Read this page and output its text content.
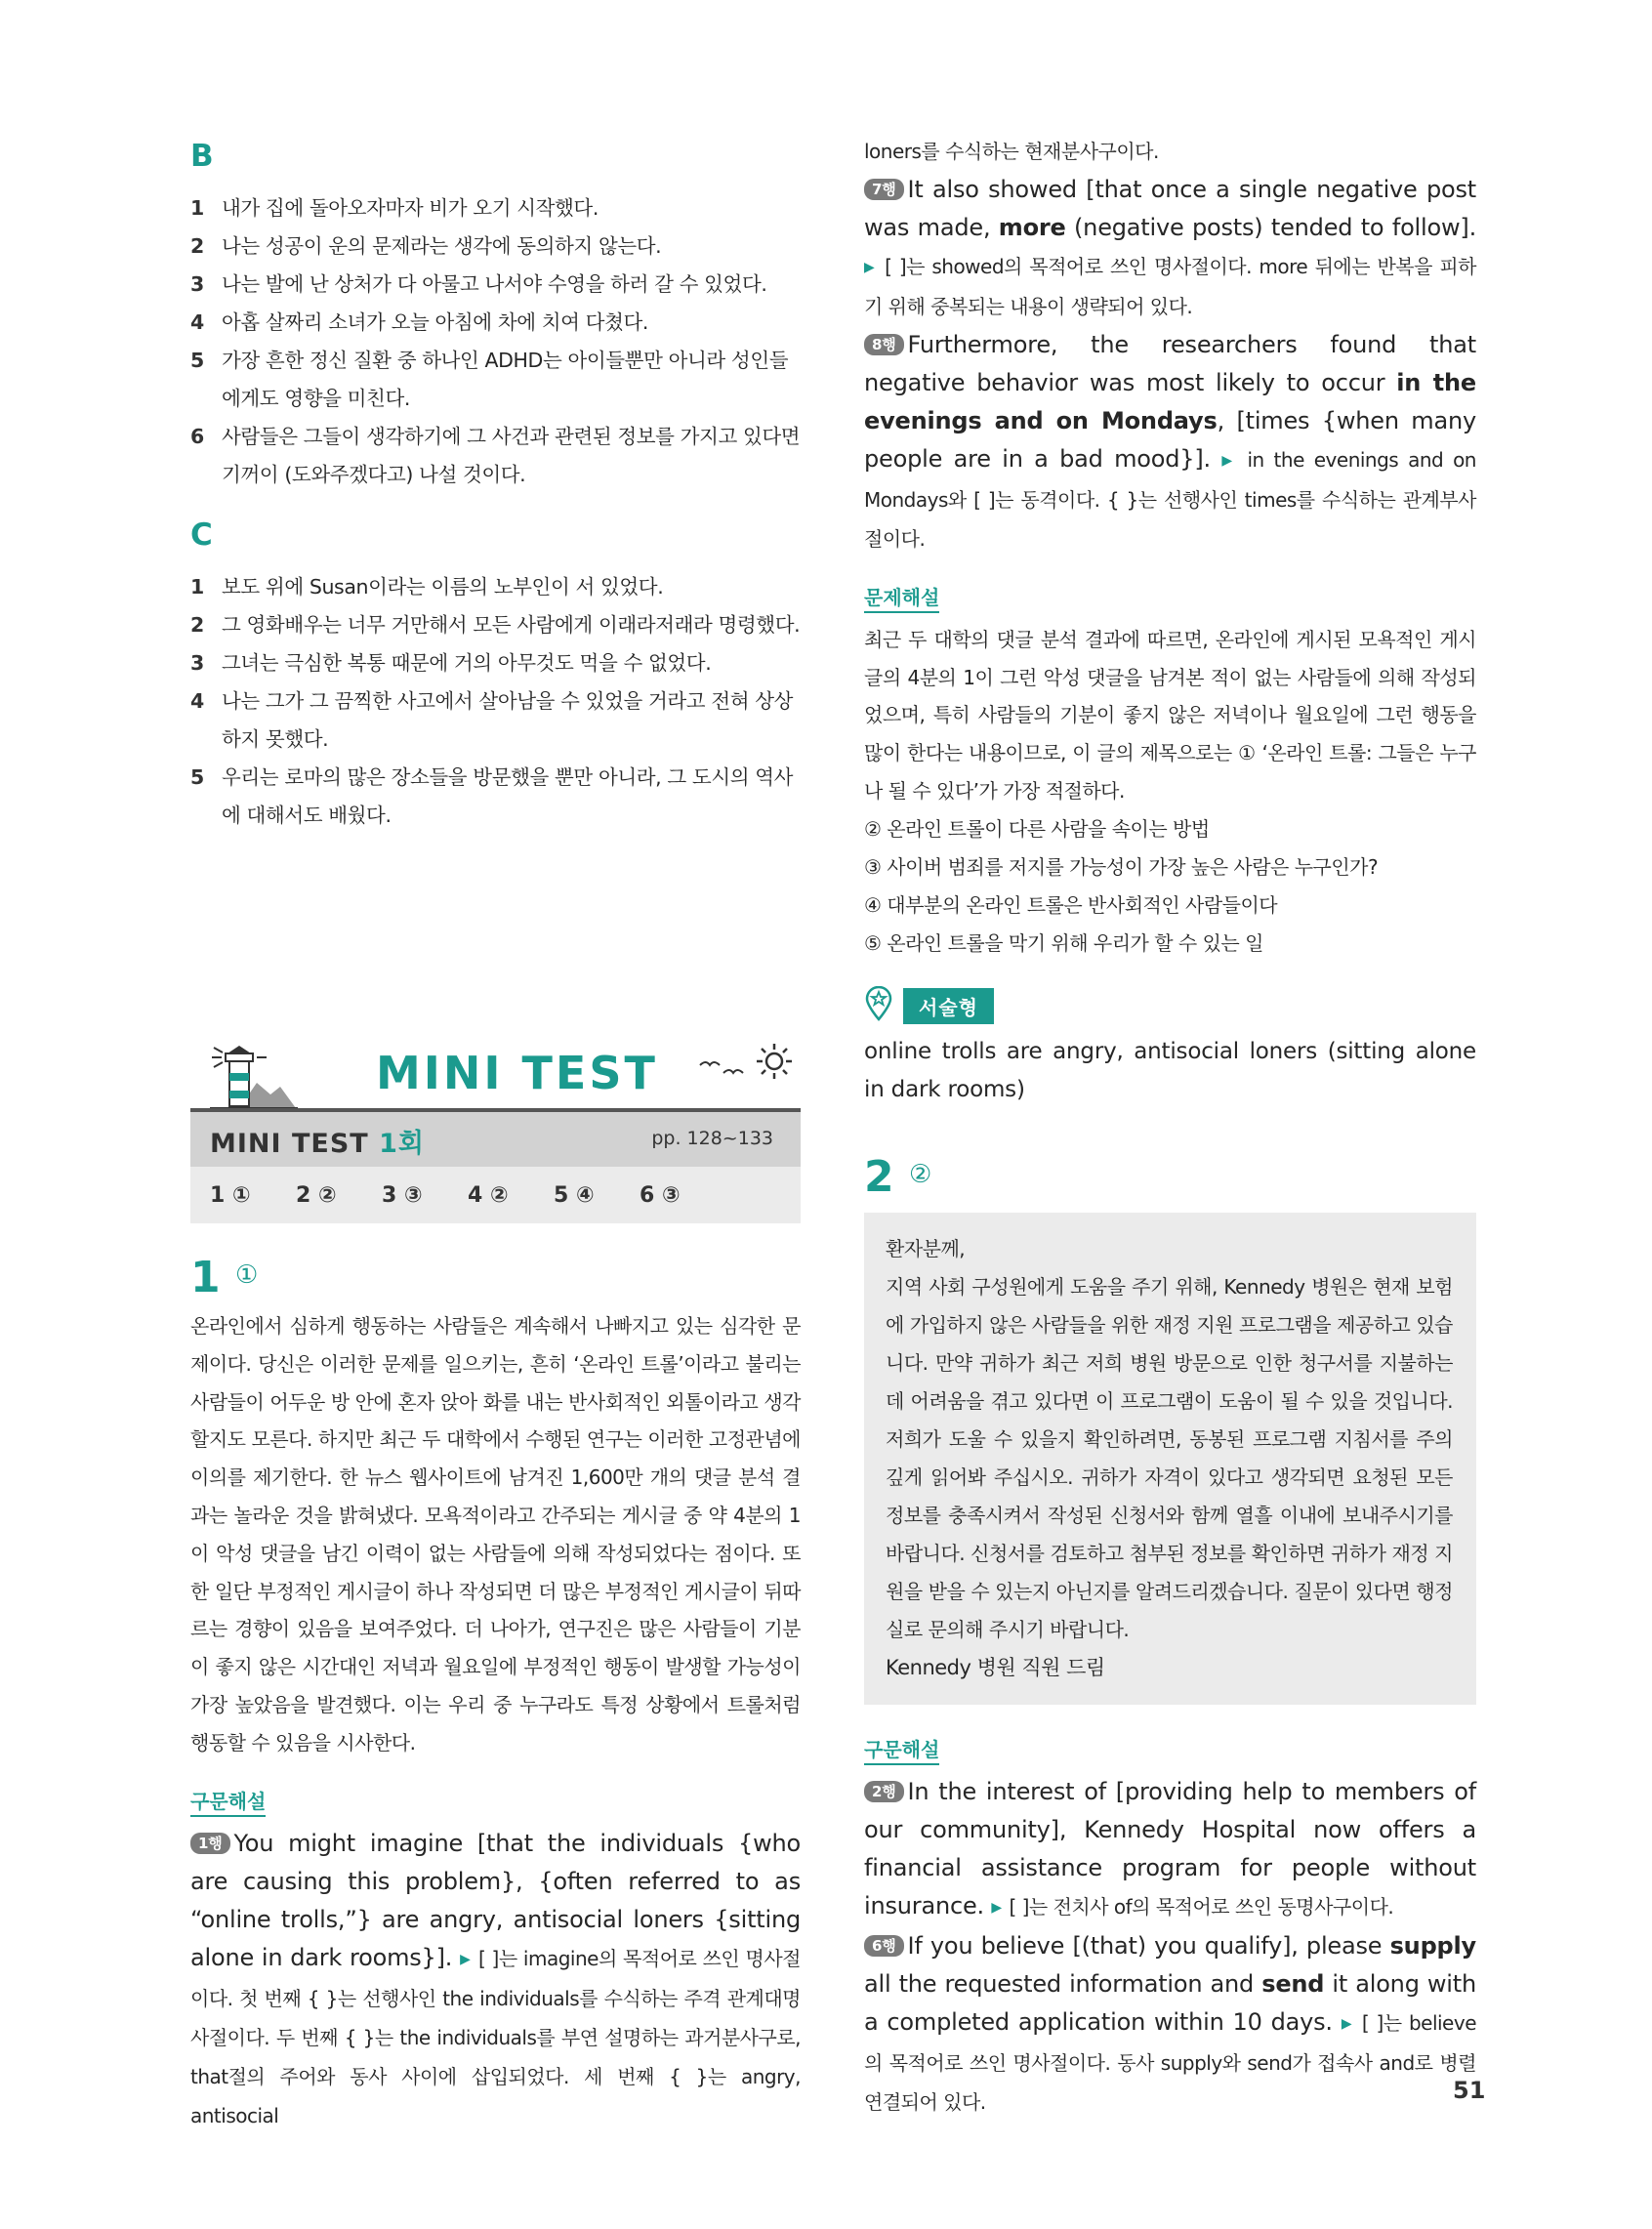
B
1 내가 집에 돌아오자마자 비가 오기 시작했다.
2 나는 성공이 운의 문제라는 생각에 동의하지 않는다.
3 나는 발에 난 상처가 다 아물고 나서야 수영을 하러 갈 수 있었다.
4 아홉 살짜리 소녀가 오늘 아침에 차에 치여 다쳤다.
5 가장 흔한 정신 질환 중 하나인 ADHD는 아이들뿐만 아니라 성인들에게도 영향을 미친다.
6 사람들은 그들이 생각하기에 그 사건과 관련된 정보를 가지고 있다면 기꺼이 (도와주겠다고) 나설 것이다.
C
1 보도 위에 Susan이라는 이름의 노부인이 서 있었다.
2 그 영화배우는 너무 거만해서 모든 사람에게 이래라저래라 명령했다.
3 그녀는 극심한 복통 때문에 거의 아무것도 먹을 수 없었다.
4 나는 그가 그 끔찍한 사고에서 살아남을 수 있었을 거라고 전혀 상상하지 못했다.
5 우리는 로마의 많은 장소들을 방문했을 뿐만 아니라, 그 도시의 역사에 대해서도 배웠다.
MINI TEST
MINI TEST 1회	pp. 128~133
1 ①	2 ②	3 ③	4 ②	5 ④	6 ③
1 ①

온라인에서 심하게 행동하는 사람들은 계속해서 나빠지고 있는 심각한 문제이다. 당신은 이러한 문제를 일으키는, 흔히 ‘온라인 트롤’이라고 불리는 사람들이 어두운 방 안에 혼자 앉아 화를 내는 반사회적인 외톨이라고 생각할지도 모른다. 하지만 최근 두 대학에서 수행된 연구는 이러한 고정관념에 이의를 제기한다. 한 뉴스 웹사이트에 남겨진 1,600만 개의 댓글 분석 결과는 놀라운 것을 밝혀냈다. 모욕적이라고 간주되는 게시글 중 약 4분의 1이 악성 댓글을 남긴 이력이 없는 사람들에 의해 작성되었다는 점이다. 또한 일단 부정적인 게시글이 하나 작성되면 더 많은 부정적인 게시글이 뒤따르는 경향이 있음을 보여주었다. 더 나아가, 연구진은 많은 사람들이 기분이 좋지 않은 시간대인 저녁과 월요일에 부정적인 행동이 발생할 가능성이 가장 높았음을 발견했다. 이는 우리 중 누구라도 특정 상황에서 트롤처럼 행동할 수 있음을 시사한다.

구문해설

1행 You might imagine [that the individuals {who are causing this problem}, {often referred to as “online trolls,”} are angry, antisocial loners {sitting alone in dark rooms}]. ▶ [ ]는 imagine의 목적어로 쓰인 명사절이다. 첫 번째 { }는 선행사인 the individuals를 수식하는 주격 관계대명사절이다. 두 번째 { }는 the individuals를 부연 설명하는 과거분사구로, that절의 주어와 동사 사이에 삽입되었다. 세 번째 { }는 angry, antisocial

loners를 수식하는 현재분사구이다.

7행 It also showed [that once a single negative post was made, more (negative posts) tended to follow]. ▶ [ ]는 showed의 목적어로 쓰인 명사절이다. more 뒤에는 반복을 피하기 위해 중복되는 내용이 생략되어 있다.

8행 Furthermore, the researchers found that negative behavior was most likely to occur in the evenings and on Mondays, [times {when many people are in a bad mood}]. ▶ in the evenings and on Mondays와 [ ]는 동격이다. { }는 선행사인 times를 수식하는 관계부사절이다.

문제해설

최근 두 대학의 댓글 분석 결과에 따르면, 온라인에 게시된 모욕적인 게시글의 4분의 1이 그런 악성 댓글을 남겨본 적이 없는 사람들에 의해 작성되었으며, 특히 사람들의 기분이 좋지 않은 저녁이나 월요일에 그런 행동을 많이 한다는 내용이므로, 이 글의 제목으로는 ① ‘온라인 트롤: 그들은 누구나 될 수 있다’가 가장 적절하다.

② 온라인 트롤이 다른 사람을 속이는 방법
③ 사이버 범죄를 저지를 가능성이 가장 높은 사람은 누구인가?
④ 대부분의 온라인 트롤은 반사회적인 사람들이다
⑤ 온라인 트롤을 막기 위해 우리가 할 수 있는 일
서술형

online trolls are angry, antisocial loners (sitting alone in dark rooms)

2 ②

환자분께,

지역 사회 구성원에게 도움을 주기 위해, Kennedy 병원은 현재 보험에 가입하지 않은 사람들을 위한 재정 지원 프로그램을 제공하고 있습니다. 만약 귀하가 최근 저희 병원 방문으로 인한 청구서를 지불하는 데 어려움을 겪고 있다면 이 프로그램이 도움이 될 수 있을 것입니다. 저희가 도울 수 있을지 확인하려면, 동봉된 프로그램 지침서를 주의 깊게 읽어봐 주십시오. 귀하가 자격이 있다고 생각되면 요청된 모든 정보를 충족시켜서 작성된 신청서와 함께 열흘 이내에 보내주시기를 바랍니다. 신청서를 검토하고 첨부된 정보를 확인하면 귀하가 재정 지원을 받을 수 있는지 아닌지를 알려드리겠습니다. 질문이 있다면 행정실로 문의해 주시기 바랍니다.

Kennedy 병원 직원 드림

구문해설

2행 In the interest of [providing help to members of our community], Kennedy Hospital now offers a financial assistance program for people without insurance. ▶ [ ]는 전치사 of의 목적어로 쓰인 동명사구이다.

6행 If you believe [(that) you qualify], please supply all the requested information and send it along with a completed application within 10 days. ▶ [ ]는 believe의 목적어로 쓰인 명사절이다. 동사 supply와 send가 접속사 and로 병렬 연결되어 있다.	51
